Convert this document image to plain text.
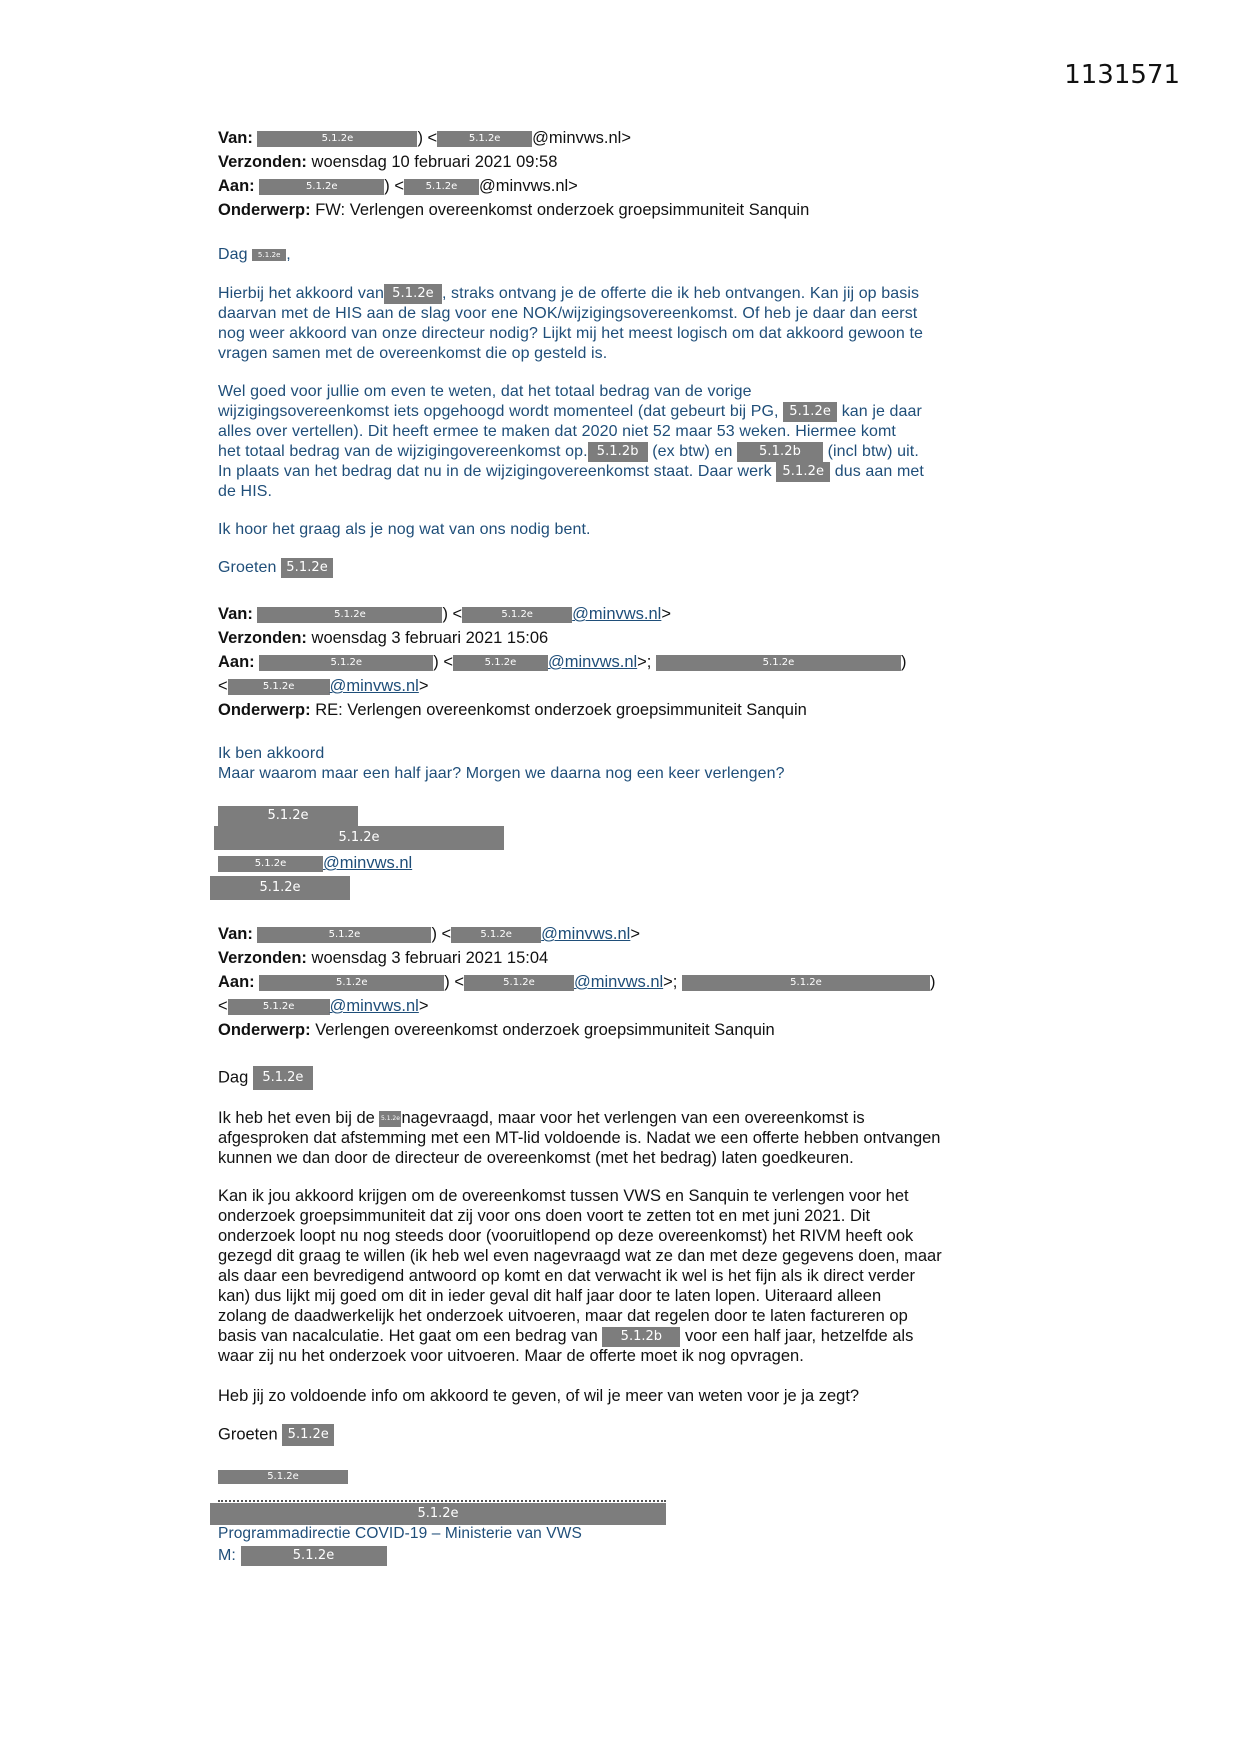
1131571
Van:	5.1.2e	) <	5.1.2e @minvws.nl>
Verzonden: woensdag 10 februari 2021 09:58
Aan:	5.1.2e	) < 5.1.2e @minvws.nl>
Onderwerp: FW: Verlengen overeenkomst onderzoek groepsimmuniteit Sanquin
Dag 5.1.2e ,
Hierbij het akkoord van 5.1.2e , straks ontvang je de offerte die ik heb ontvangen. Kan jij op basis
daarvan met de HIS aan de slag voor ene NOK/wijzigingsovereenkomst. Of heb je daar dan eerst
nog weer akkoord van onze directeur nodig? Lijkt mij het meest logisch om dat akkoord gewoon te
vragen samen met de overeenkomst die op gesteld is.
Wel goed voor jullie om even te weten, dat het totaal bedrag van de vorige
wijzigingsovereenkomst iets opgehoogd wordt momenteel (dat gebeurt bij PG, 5.1.2e kan je daar
alles over vertellen). Dit heeft ermee te maken dat 2020 niet 52 maar 53 weken. Hiermee komt
het totaal bedrag van de wijzigingovereenkomst op. 5.1.2b (ex btw) en 5.1.2b (incl btw) uit.
In plaats van het bedrag dat nu in de wijzigingovereenkomst staat. Daar werk 5.1.2e dus aan met
de HIS.
Ik hoor het graag als je nog wat van ons nodig bent.
Groeten 5.1.2e
Van:	5.1.2e	) <	5.1.2e @minvws.nl>
Verzonden: woensdag 3 februari 2021 15:06
Aan:	5.1.2e	) <	5.1.2e @minvws.nl>;	5.1.2e	)
<	5.1.2e @minvws.nl>
Onderwerp: RE: Verlengen overeenkomst onderzoek groepsimmuniteit Sanquin
Ik ben akkoord
Maar waarom maar een half jaar? Morgen we daarna nog een keer verlengen?
5.1.2e
5.1.2e
5.1.2e @minvws.nl
5.1.2e
Van:	5.1.2e	) <	5.1.2e @minvws.nl>
Verzonden: woensdag 3 februari 2021 15:04
Aan:	5.1.2e	) <	5.1.2e @minvws.nl>;	5.1.2e	)
<	5.1.2e @minvws.nl>
Onderwerp: Verlengen overeenkomst onderzoek groepsimmuniteit Sanquin
Dag 5.1.2e
Ik heb het even bij de 5.1.2enagevraagd, maar voor het verlengen van een overeenkomst is
afgesproken dat afstemming met een MT-lid voldoende is. Nadat we een offerte hebben ontvangen
kunnen we dan door de directeur de overeenkomst (met het bedrag) laten goedkeuren.
Kan ik jou akkoord krijgen om de overeenkomst tussen VWS en Sanquin te verlengen voor het
onderzoek groepsimmuniteit dat zij voor ons doen voort te zetten tot en met juni 2021. Dit
onderzoek loopt nu nog steeds door (vooruitlopend op deze overeenkomst) het RIVM heeft ook
gezegd dit graag te willen (ik heb wel even nagevraagd wat ze dan met deze gegevens doen, maar
als daar een bevredigend antwoord op komt en dat verwacht ik wel is het fijn als ik direct verder
kan) dus lijkt mij goed om dit in ieder geval dit half jaar door te laten lopen. Uiteraard alleen
zolang de daadwerkelijk het onderzoek uitvoeren, maar dat regelen door te laten factureren op
basis van nacalculatie. Het gaat om een bedrag van 5.1.2b voor een half jaar, hetzelfde als
waar zij nu het onderzoek voor uitvoeren. Maar de offerte moet ik nog opvragen.
Heb jij zo voldoende info om akkoord te geven, of wil je meer van weten voor je ja zegt?
Groeten 5.1.2e
5.1.2e
5.1.2e
Programmadirectie COVID-19 – Ministerie van VWS
M:	5.1.2e
